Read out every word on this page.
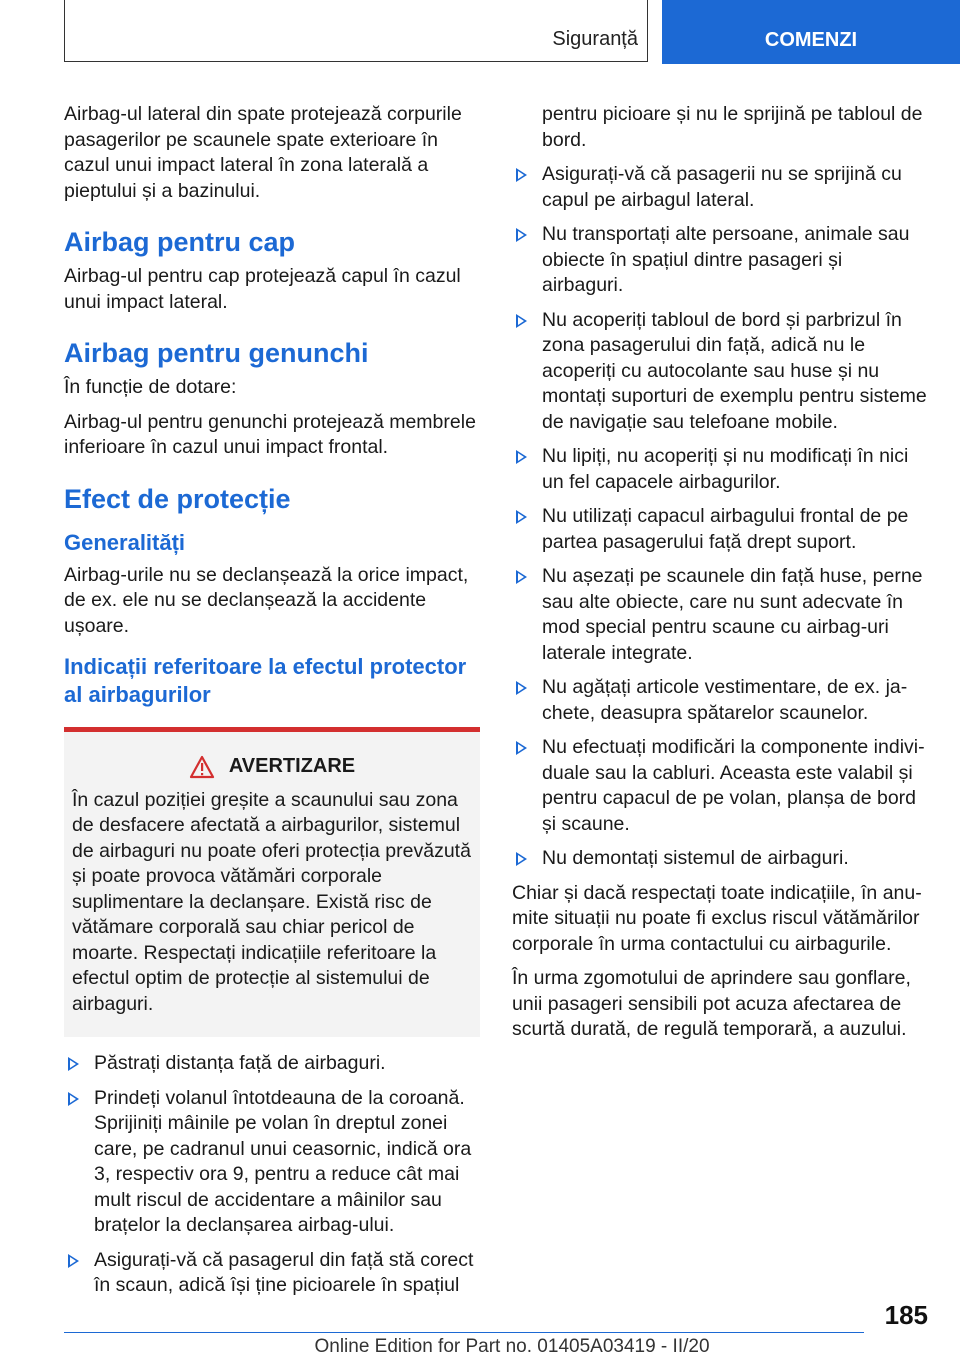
Siguranță	COMENZI

Airbag-ul lateral din spate protejează corpurile pasagerilor pe scaunele spate exterioare în cazul unui impact lateral în zona laterală a pieptului și a bazinului.

Airbag pentru cap

Airbag-ul pentru cap protejează capul în cazul unui impact lateral.

Airbag pentru genunchi

În funcție de dotare:

Airbag-ul pentru genunchi protejează membrele inferioare în cazul unui impact frontal.

Efect de protecție
Generalități

Airbag-urile nu se declanșează la orice impact, de ex. ele nu se declanșează la accidente ușoare.

Indicații referitoare la efectul protector al airbagurilor
AVERTIZARE
În cazul poziției greșite a scaunului sau zona de desfacere afectată a airbagurilor, sistemul de airbaguri nu poate oferi protecția prevăzută și poate provoca vătămări corporale suplimentare la declanșare. Există risc de vătămare corporală sau chiar pericol de moarte. Respectați indicațiile referitoare la efectul optim de protecție al sistemului de airbaguri.
Păstrați distanța față de airbaguri.
Prindeți volanul întotdeauna de la coroană. Sprijiniți mâinile pe volan în dreptul zonei care, pe cadranul unui ceasornic, indică ora 3, respectiv ora 9, pentru a reduce cât mai mult riscul de accidentare a mâinilor sau brațelor la declanșarea airbag-ului.
Asigurați-vă că pasagerul din față stă corect în scaun, adică își ține picioarele în spațiul

pentru picioare și nu le sprijină pe tabloul de bord.

Asigurați-vă că pasagerii nu se sprijină cu capul pe airbagul lateral.
Nu transportați alte persoane, animale sau obiecte în spațiul dintre pasageri și airbaguri.
Nu acoperiți tabloul de bord și parbrizul în zona pasagerului din față, adică nu le acoperiți cu autocolante sau huse și nu montați suporturi de exemplu pentru sisteme de navigație sau telefoane mobile.
Nu lipiți, nu acoperiți și nu modificați în nici un fel capacele airbagurilor.
Nu utilizați capacul airbagului frontal de pe partea pasagerului față drept suport.
Nu așezați pe scaunele din față huse, perne sau alte obiecte, care nu sunt adecvate în mod special pentru scaune cu airbag-uri laterale integrate.
Nu agățați articole vestimentare, de ex. jachete, deasupra spătarelor scaunelor.
Nu efectuați modificări la componente individuale sau la cabluri. Aceasta este valabil și pentru capacul de pe volan, planșa de bord și scaune.
Nu demontați sistemul de airbaguri.

Chiar și dacă respectați toate indicațiile, în anumite situații nu poate fi exclus riscul vătămărilor corporale în urma contactului cu airbagurile.

În urma zgomotului de aprindere sau gonflare, unii pasageri sensibili pot acuza afectarea de scurtă durată, de regulă temporară, a auzului.

185
Online Edition for Part no. 01405A03419 - II/20
